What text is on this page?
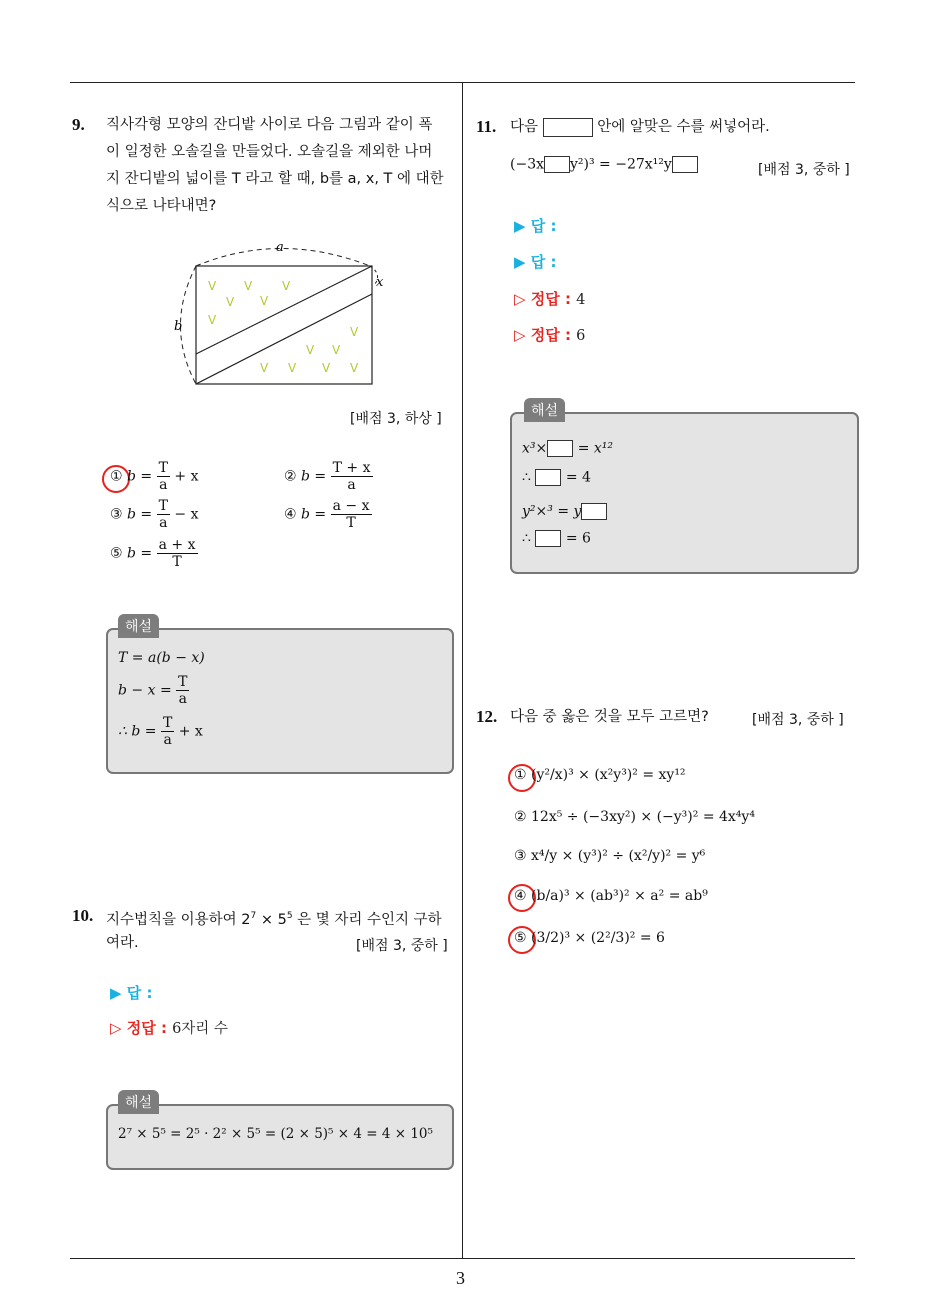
3
9. 직사각형 모양의 잔디밭 사이로 다음 그림과 같이 폭
이 일정한 오솔길을 만들었다. 오솔길을 제외한 나머
지 잔디밭의 넓이를 T 라고 할 때, b를 a, x, T 에 대한
식으로 나타내면?
a
b
x
V V V
V V
V
V
V V
V V V V
[배점 3, 하상 ]
① $b = \frac{T}{a} + x$	② $b = \frac{T + x}{a}$
③ $b = \frac{T}{a} - x$	④ $b = \frac{a - x}{T}$
⑤ $b = \frac{a + x}{T}$
해설
T = a(b − x)
$b - x = \frac{T}{a}$
∴ $b = \frac{T}{a} + x$
10. 지수법칙을 이용하여 $2^7 \times 5^5$ 은 몇 자리 수인지 구하
여라.	[배점 3, 중하 ]
▶ 답 :
▷ 정답 : 6자리 수
해설
2⁷ × 5⁵ = 2⁵ · 2² × 5⁵ = (2 × 5)⁵ × 4 = 4 × 10⁵
11. 다음	안에 알맞은 수를 써넣어라.
(−3x y²)³ = −27x¹²y	[배점 3, 중하 ]
▶ 답 :
▶ 답 :
▷ 정답 : 4
▷ 정답 : 6
해설
x³× = x¹²
∴ = 4
y²×³ = y
∴ = 6
12. 다음 중 옳은 것을 모두 고르면?	[배점 3, 중하 ]
① (y²/x)³ × (x²y³)² = xy¹²
② 12x⁵ ÷ (−3xy²) × (−y³)² = 4x⁴y⁴
③ x⁴/y × (y³)² ÷ (x²/y)² = y⁶
④ (b/a)³ × (ab³)² × a² = ab⁹
⑤ (3/2)³ × (2²/3)² = 6
